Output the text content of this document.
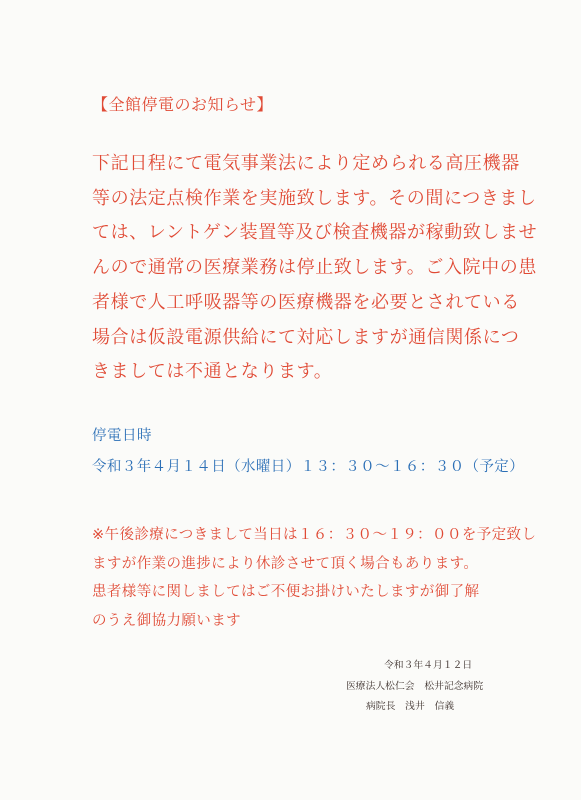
【全館停電のお知らせ】
下記日程にて電気事業法により定められる高圧機器
等の法定点検作業を実施致します。その間につきまし
ては、レントゲン装置等及び検査機器が稼動致しませ
んので通常の医療業務は停止致します。ご入院中の患
者様で人工呼吸器等の医療機器を必要とされている
場合は仮設電源供給にて対応しますが通信関係につ
きましては不通となります。
停電日時
令和３年４月１４日（水曜日）１３：３０〜１６：３０（予定）
※午後診療につきまして当日は１６：３０〜１９：００を予定致し
ますが作業の進捗により休診させて頂く場合もあります。
患者様等に関しましてはご不便お掛けいたしますが御了解
のうえ御協力願います
令和３年４月１２日
医療法人松仁会　松井記念病院
病院長　浅井　信義
